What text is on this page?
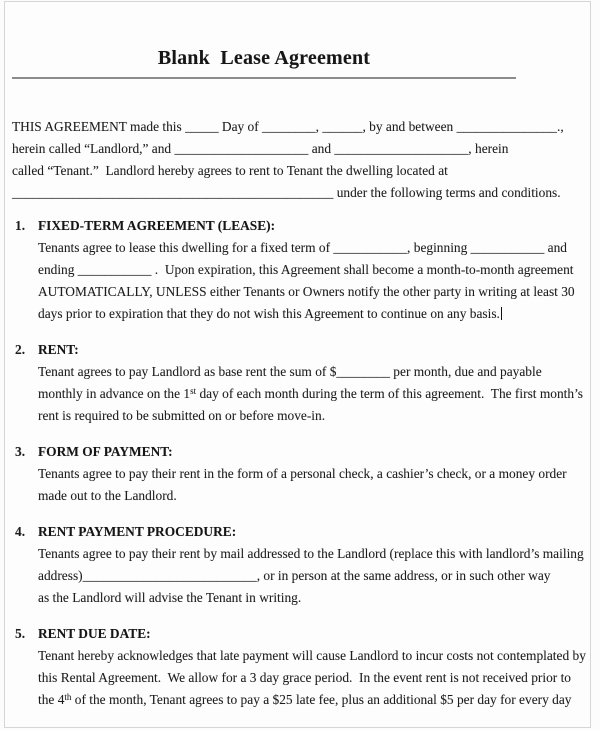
Blank  Lease Agreement
THIS AGREEMENT made this _____ Day of ________, ______, by and between _______________.,
herein called “Landlord,” and ____________________ and ____________________, herein
called “Tenant.”  Landlord hereby agrees to rent to Tenant the dwelling located at
________________________________________________ under the following terms and conditions.
1. FIXED-TERM AGREEMENT (LEASE):
Tenants agree to lease this dwelling for a fixed term of ___________, beginning ___________ and
ending ___________ .  Upon expiration, this Agreement shall become a month-to-month agreement
AUTOMATICALLY, UNLESS either Tenants or Owners notify the other party in writing at least 30
days prior to expiration that they do not wish this Agreement to continue on any basis.
2. RENT:
Tenant agrees to pay Landlord as base rent the sum of $________ per month, due and payable
monthly in advance on the 1st day of each month during the term of this agreement.  The first month’s
rent is required to be submitted on or before move-in.
3. FORM OF PAYMENT:
Tenants agree to pay their rent in the form of a personal check, a cashier’s check, or a money order
made out to the Landlord.
4. RENT PAYMENT PROCEDURE:
Tenants agree to pay their rent by mail addressed to the Landlord (replace this with landlord’s mailing
address)__________________________, or in person at the same address, or in such other way
as the Landlord will advise the Tenant in writing.
5. RENT DUE DATE:
Tenant hereby acknowledges that late payment will cause Landlord to incur costs not contemplated by
this Rental Agreement.  We allow for a 3 day grace period.  In the event rent is not received prior to
the 4th of the month, Tenant agrees to pay a $25 late fee, plus an additional $5 per day for every day
